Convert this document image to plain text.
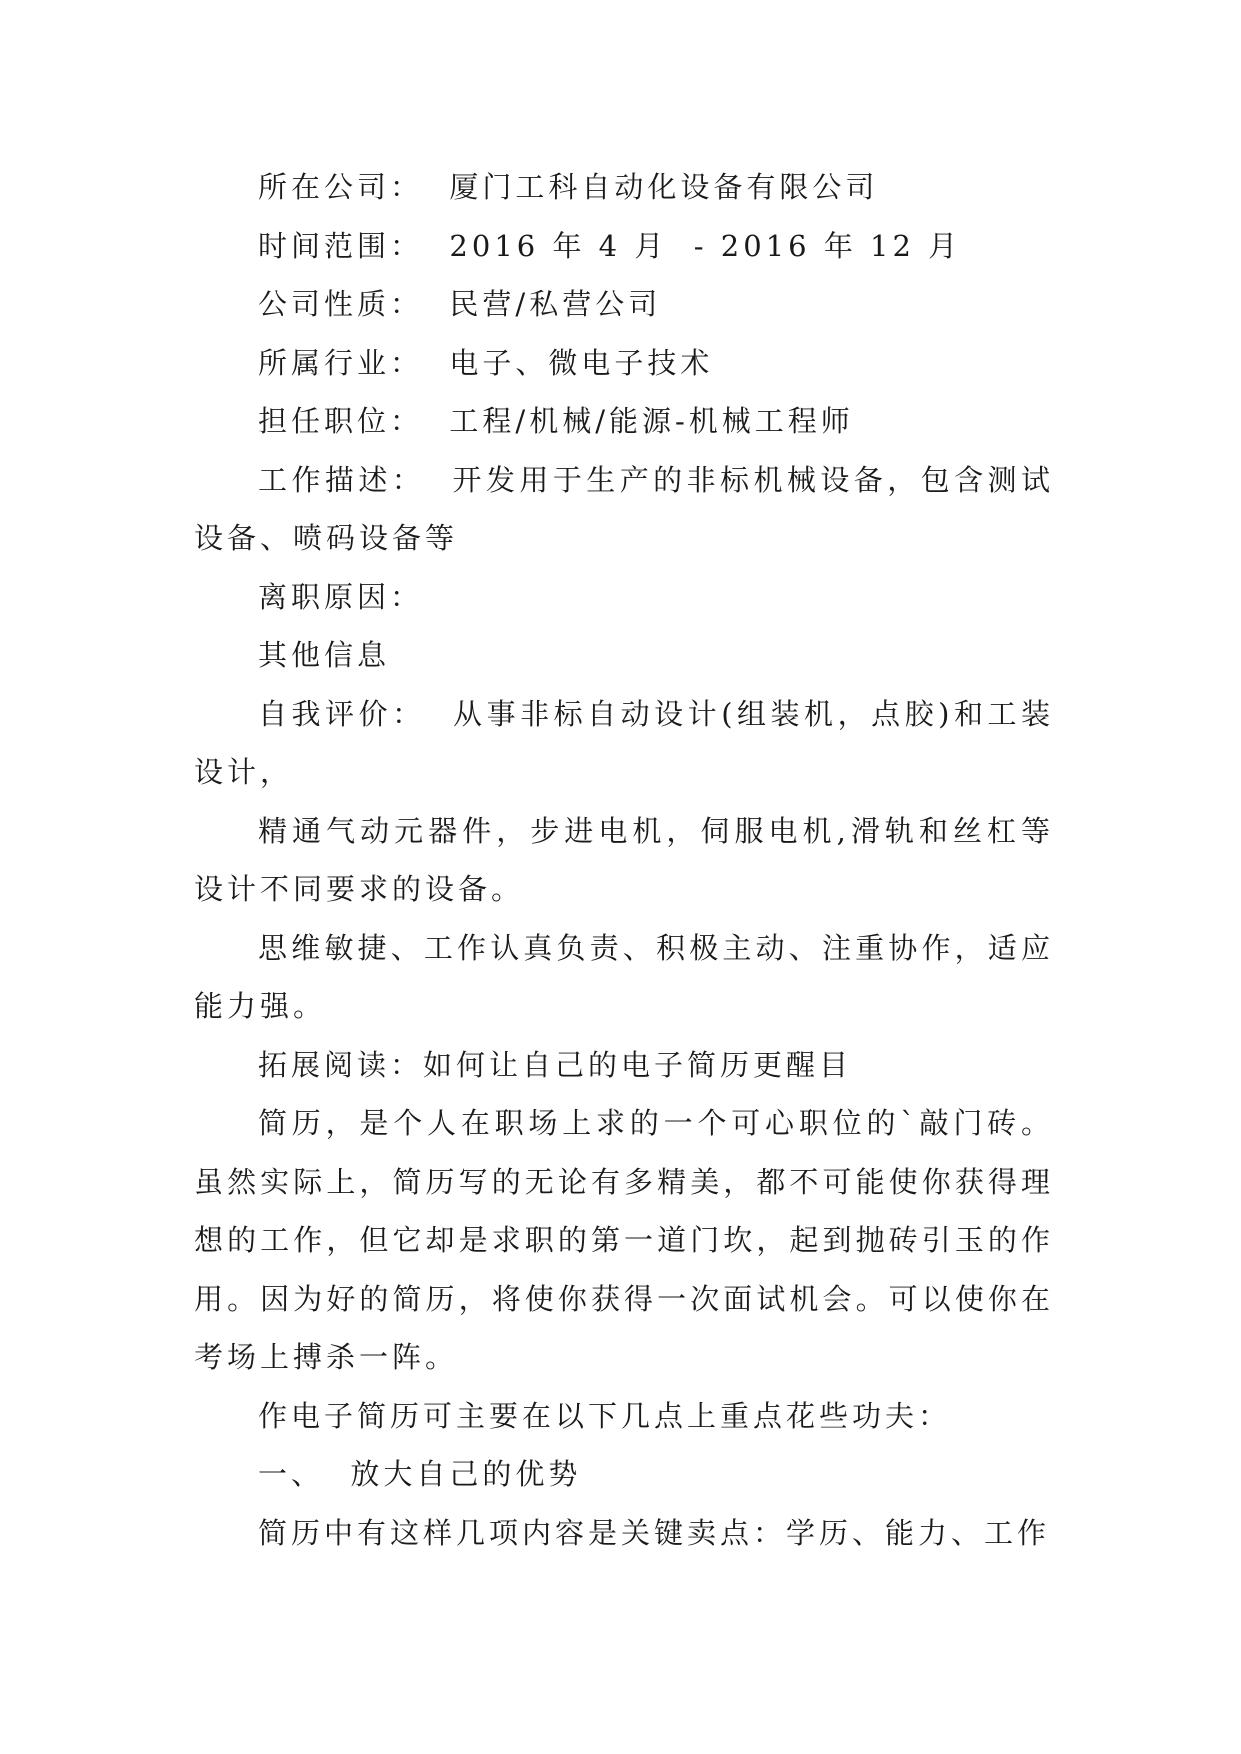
所在公司：  厦门工科自动化设备有限公司

时间范围：  2016 年 4 月  - 2016 年 12 月

公司性质：  民营/私营公司

所属行业：  电子、微电子技术

担任职位：  工程/机械/能源-机械工程师

工作描述：  开发用于生产的非标机械设备，包含测试设备、喷码设备等

离职原因：

其他信息

自我评价：  从事非标自动设计(组装机，点胶)和工装设计，

精通气动元器件，步进电机，伺服电机,滑轨和丝杠等设计不同要求的设备。

思维敏捷、工作认真负责、积极主动、注重协作，适应能力强。

拓展阅读：如何让自己的电子简历更醒目

简历，是个人在职场上求的一个可心职位的`敲门砖。虽然实际上，简历写的无论有多精美，都不可能使你获得理想的工作，但它却是求职的第一道门坎，起到抛砖引玉的作用。因为好的简历，将使你获得一次面试机会。可以使你在考场上搏杀一阵。

作电子简历可主要在以下几点上重点花些功夫：

一、  放大自己的优势

简历中有这样几项内容是关键卖点：学历、能力、工作
